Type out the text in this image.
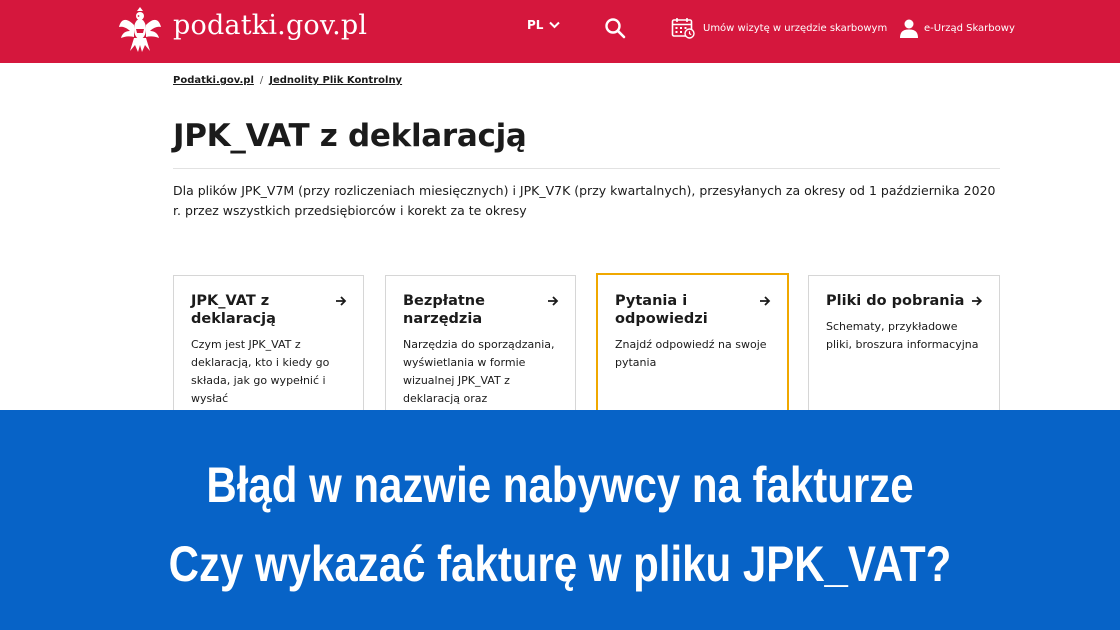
podatki.gov.pl	PL	Umów wizytę w urzędzie skarbowym	e-Urząd Skarbowy
Podatki.gov.pl / Jednolity Plik Kontrolny
JPK_VAT z deklaracją

Dla plików JPK_V7M (przy rozliczeniach miesięcznych) i JPK_V7K (przy kwartalnych), przesyłanych za okresy od 1 października 2020 r. przez wszystkich przedsiębiorców i korekt za te okresy

JPK_VAT z deklaracją
Czym jest JPK_VAT z deklaracją, kto i kiedy go składa, jak go wypełnić i wysłać
Bezpłatne narzędzia
Narzędzia do sporządzania, wyświetlania w formie wizualnej JPK_VAT z deklaracją oraz
Pytania i odpowiedzi
Znajdź odpowiedź na swoje pytania
Pliki do pobrania
Schematy, przykładowe pliki, broszura informacyjna
Błąd w nazwie nabywcy na fakturze
Czy wykazać fakturę w pliku JPK_VAT?
